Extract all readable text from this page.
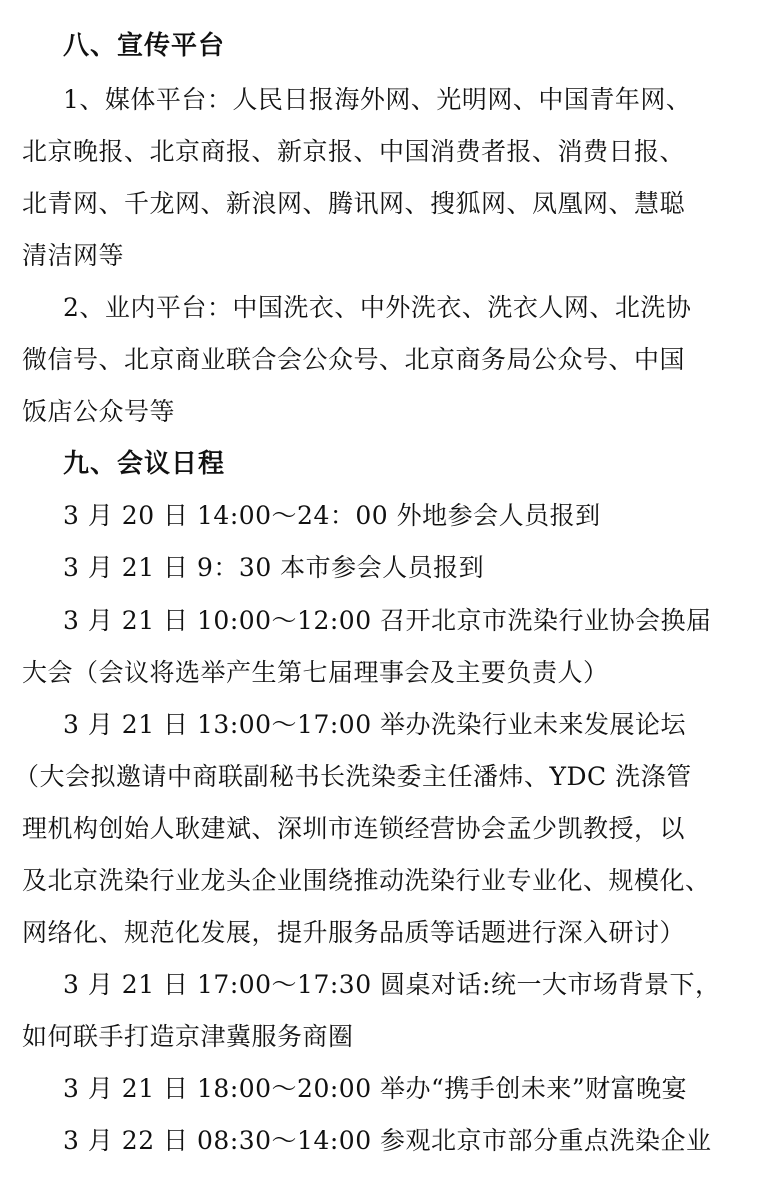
八、宣传平台
1、媒体平台：人民日报海外网、光明网、中国青年网、
北京晚报、北京商报、新京报、中国消费者报、消费日报、
北青网、千龙网、新浪网、腾讯网、搜狐网、凤凰网、慧聪
清洁网等
2、业内平台：中国洗衣、中外洗衣、洗衣人网、北洗协
微信号、北京商业联合会公众号、北京商务局公众号、中国
饭店公众号等
九、会议日程
3 月 20 日 14:00～24：00 外地参会人员报到
3 月 21 日 9：30 本市参会人员报到
3 月 21 日 10:00～12:00 召开北京市洗染行业协会换届
大会（会议将选举产生第七届理事会及主要负责人）
3 月 21 日 13:00～17:00 举办洗染行业未来发展论坛
（大会拟邀请中商联副秘书长洗染委主任潘炜、YDC 洗涤管
理机构创始人耿建斌、深圳市连锁经营协会孟少凯教授，以
及北京洗染行业龙头企业围绕推动洗染行业专业化、规模化、
网络化、规范化发展，提升服务品质等话题进行深入研讨）
3 月 21 日 17:00～17:30 圆桌对话:统一大市场背景下，
如何联手打造京津冀服务商圈
3 月 21 日 18:00～20:00 举办“携手创未来”财富晚宴
3 月 22 日 08:30～14:00 参观北京市部分重点洗染企业
